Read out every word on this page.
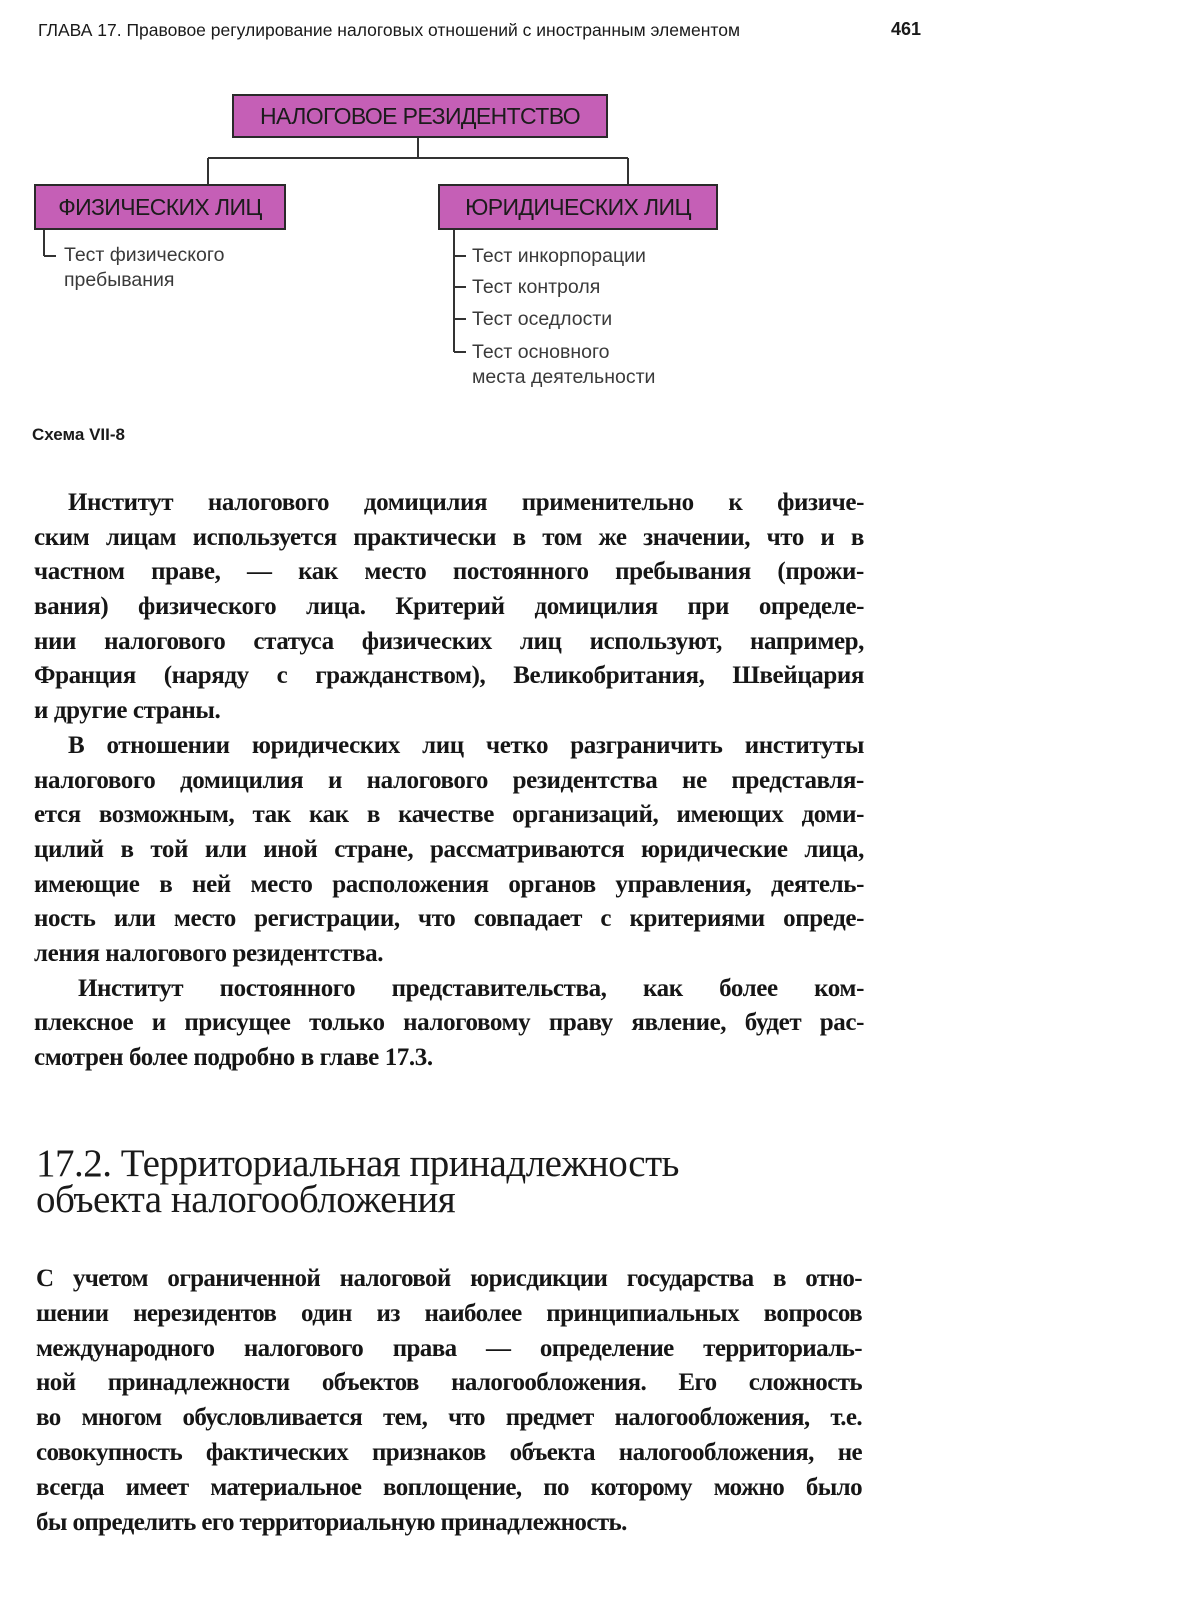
ГЛАВА 17. Правовое регулирование налоговых отношений с иностранным элементом	461
НАЛОГОВОЕ РЕЗИДЕНТСТВО
ФИЗИЧЕСКИХ ЛИЦ	ЮРИДИЧЕСКИХ ЛИЦ
Тест физического
пребывания
Тест инкорпорации
Тест контроля
Тест оседлости
Тест основного
места деятельности
Схема VII-8
Институт налогового домицилия применительно к физиче-
ским лицам используется практически в том же значении, что и в
частном праве, — как место постоянного пребывания (прожи-
вания) физического лица. Критерий домицилия при определе-
нии налогового статуса физических лиц используют, например,
Франция (наряду с гражданством), Великобритания, Швейцария
и другие страны.
В отношении юридических лиц четко разграничить институты
налогового домицилия и налогового резидентства не представля-
ется возможным, так как в качестве организаций, имеющих доми-
цилий в той или иной стране, рассматриваются юридические лица,
имеющие в ней место расположения органов управления, деятель-
ность или место регистрации, что совпадает с критериями опреде-
ления налогового резидентства.
Институт постоянного представительства, как более ком-
плексное и присущее только налоговому праву явление, будет рас-
смотрен более подробно в главе 17.3.
17.2. Территориальная принадлежность
объекта налогообложения
С учетом ограниченной налоговой юрисдикции государства в отно-
шении нерезидентов один из наиболее принципиальных вопросов
международного налогового права — определение территориаль-
ной принадлежности объектов налогообложения. Его сложность
во многом обусловливается тем, что предмет налогообложения, т.е.
совокупность фактических признаков объекта налогообложения, не
всегда имеет материальное воплощение, по которому можно было
бы определить его территориальную принадлежность.
